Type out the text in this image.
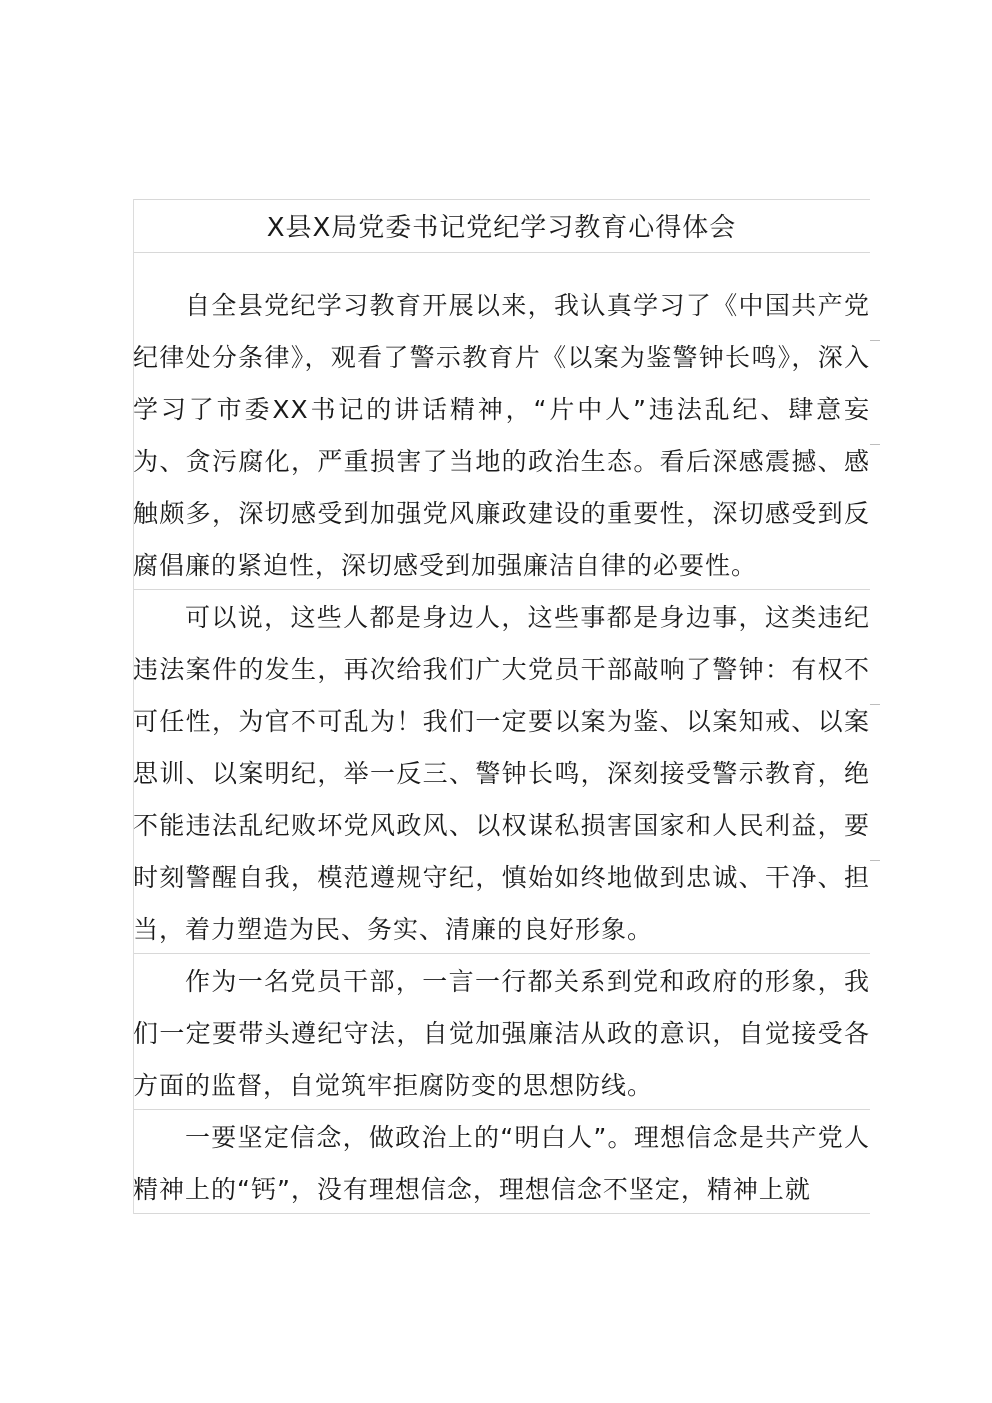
X县X局党委书记党纪学习教育心得体会

自全县党纪学习教育开展以来，我认真学习了《中国共产党纪律处分条律》，观看了警示教育片《以案为鉴警钟长鸣》，深入学习了市委XX书记的讲话精神，“片中人”违法乱纪、肆意妄为、贪污腐化，严重损害了当地的政治生态。看后深感震撼、感触颇多，深切感受到加强党风廉政建设的重要性，深切感受到反腐倡廉的紧迫性，深切感受到加强廉洁自律的必要性。

可以说，这些人都是身边人，这些事都是身边事，这类违纪违法案件的发生，再次给我们广大党员干部敲响了警钟：有权不可任性，为官不可乱为！我们一定要以案为鉴、以案知戒、以案思训、以案明纪，举一反三、警钟长鸣，深刻接受警示教育，绝不能违法乱纪败坏党风政风、以权谋私损害国家和人民利益，要时刻警醒自我，模范遵规守纪，慎始如终地做到忠诚、干净、担当，着力塑造为民、务实、清廉的良好形象。

作为一名党员干部，一言一行都关系到党和政府的形象，我们一定要带头遵纪守法，自觉加强廉洁从政的意识，自觉接受各方面的监督，自觉筑牢拒腐防变的思想防线。

一要坚定信念，做政治上的“明白人”。理想信念是共产党人精神上的“钙”，没有理想信念，理想信念不坚定，精神上就
